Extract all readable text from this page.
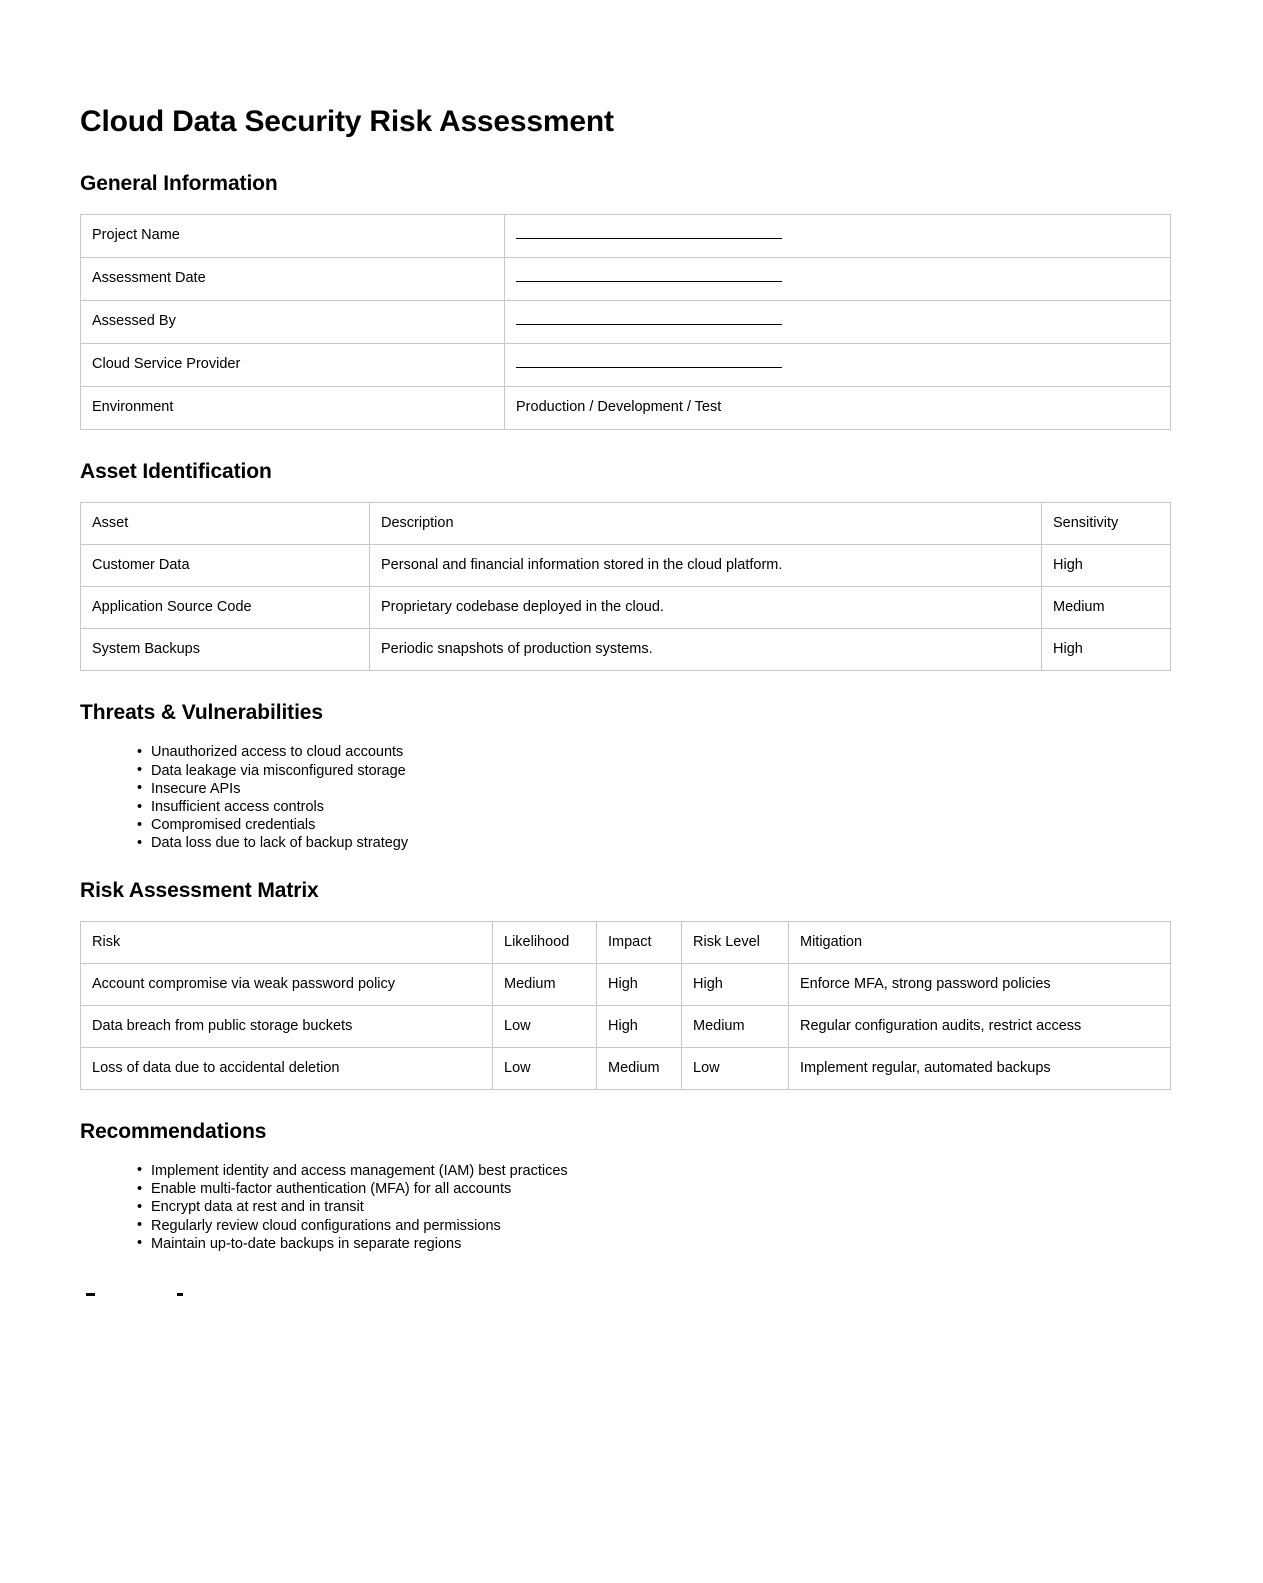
Cloud Data Security Risk Assessment
General Information
Project Name	
Assessment Date	
Assessed By	
Cloud Service Provider	
Environment	Production / Development / Test
Asset Identification
Asset	Description	Sensitivity
Customer Data	Personal and financial information stored in the cloud platform.	High
Application Source Code	Proprietary codebase deployed in the cloud.	Medium
System Backups	Periodic snapshots of production systems.	High
Threats & Vulnerabilities
• Unauthorized access to cloud accounts
• Data leakage via misconfigured storage
• Insecure APIs
• Insufficient access controls
• Compromised credentials
• Data loss due to lack of backup strategy
Risk Assessment Matrix
Risk	Likelihood	Impact	Risk Level	Mitigation
Account compromise via weak password policy	Medium	High	High	Enforce MFA, strong password policies
Data breach from public storage buckets	Low	High	Medium	Regular configuration audits, restrict access
Loss of data due to accidental deletion	Low	Medium	Low	Implement regular, automated backups
Recommendations
• Implement identity and access management (IAM) best practices
• Enable multi-factor authentication (MFA) for all accounts
• Encrypt data at rest and in transit
• Regularly review cloud configurations and permissions
• Maintain up-to-date backups in separate regions
